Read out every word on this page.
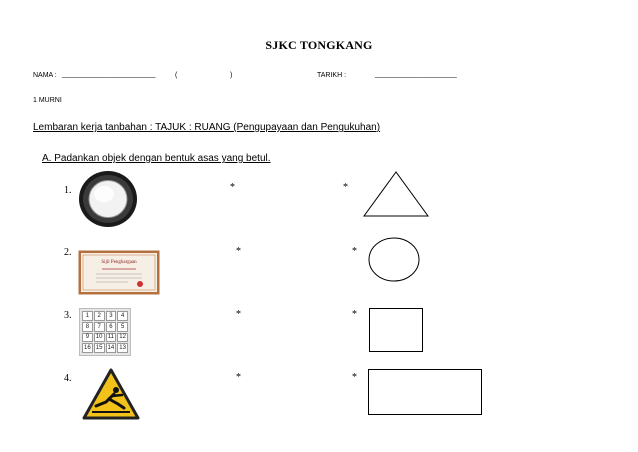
SJKC TONGKANG
NAMA : ________________________	(	)	TARIKH :	_____________________
1 MURNI
Lembaran kerja tanbahan : TAJUK : RUANG (Pengupayaan dan Pengukuhan)
A. Padankan objek dengan bentuk asas yang betul.
1.	*	*
2.
Sijil Penghargaan
*	*
3.	1	2	3	4
8	7	6	5
9	10 11 12
16 15 14 13
*	*
4.	*	*
